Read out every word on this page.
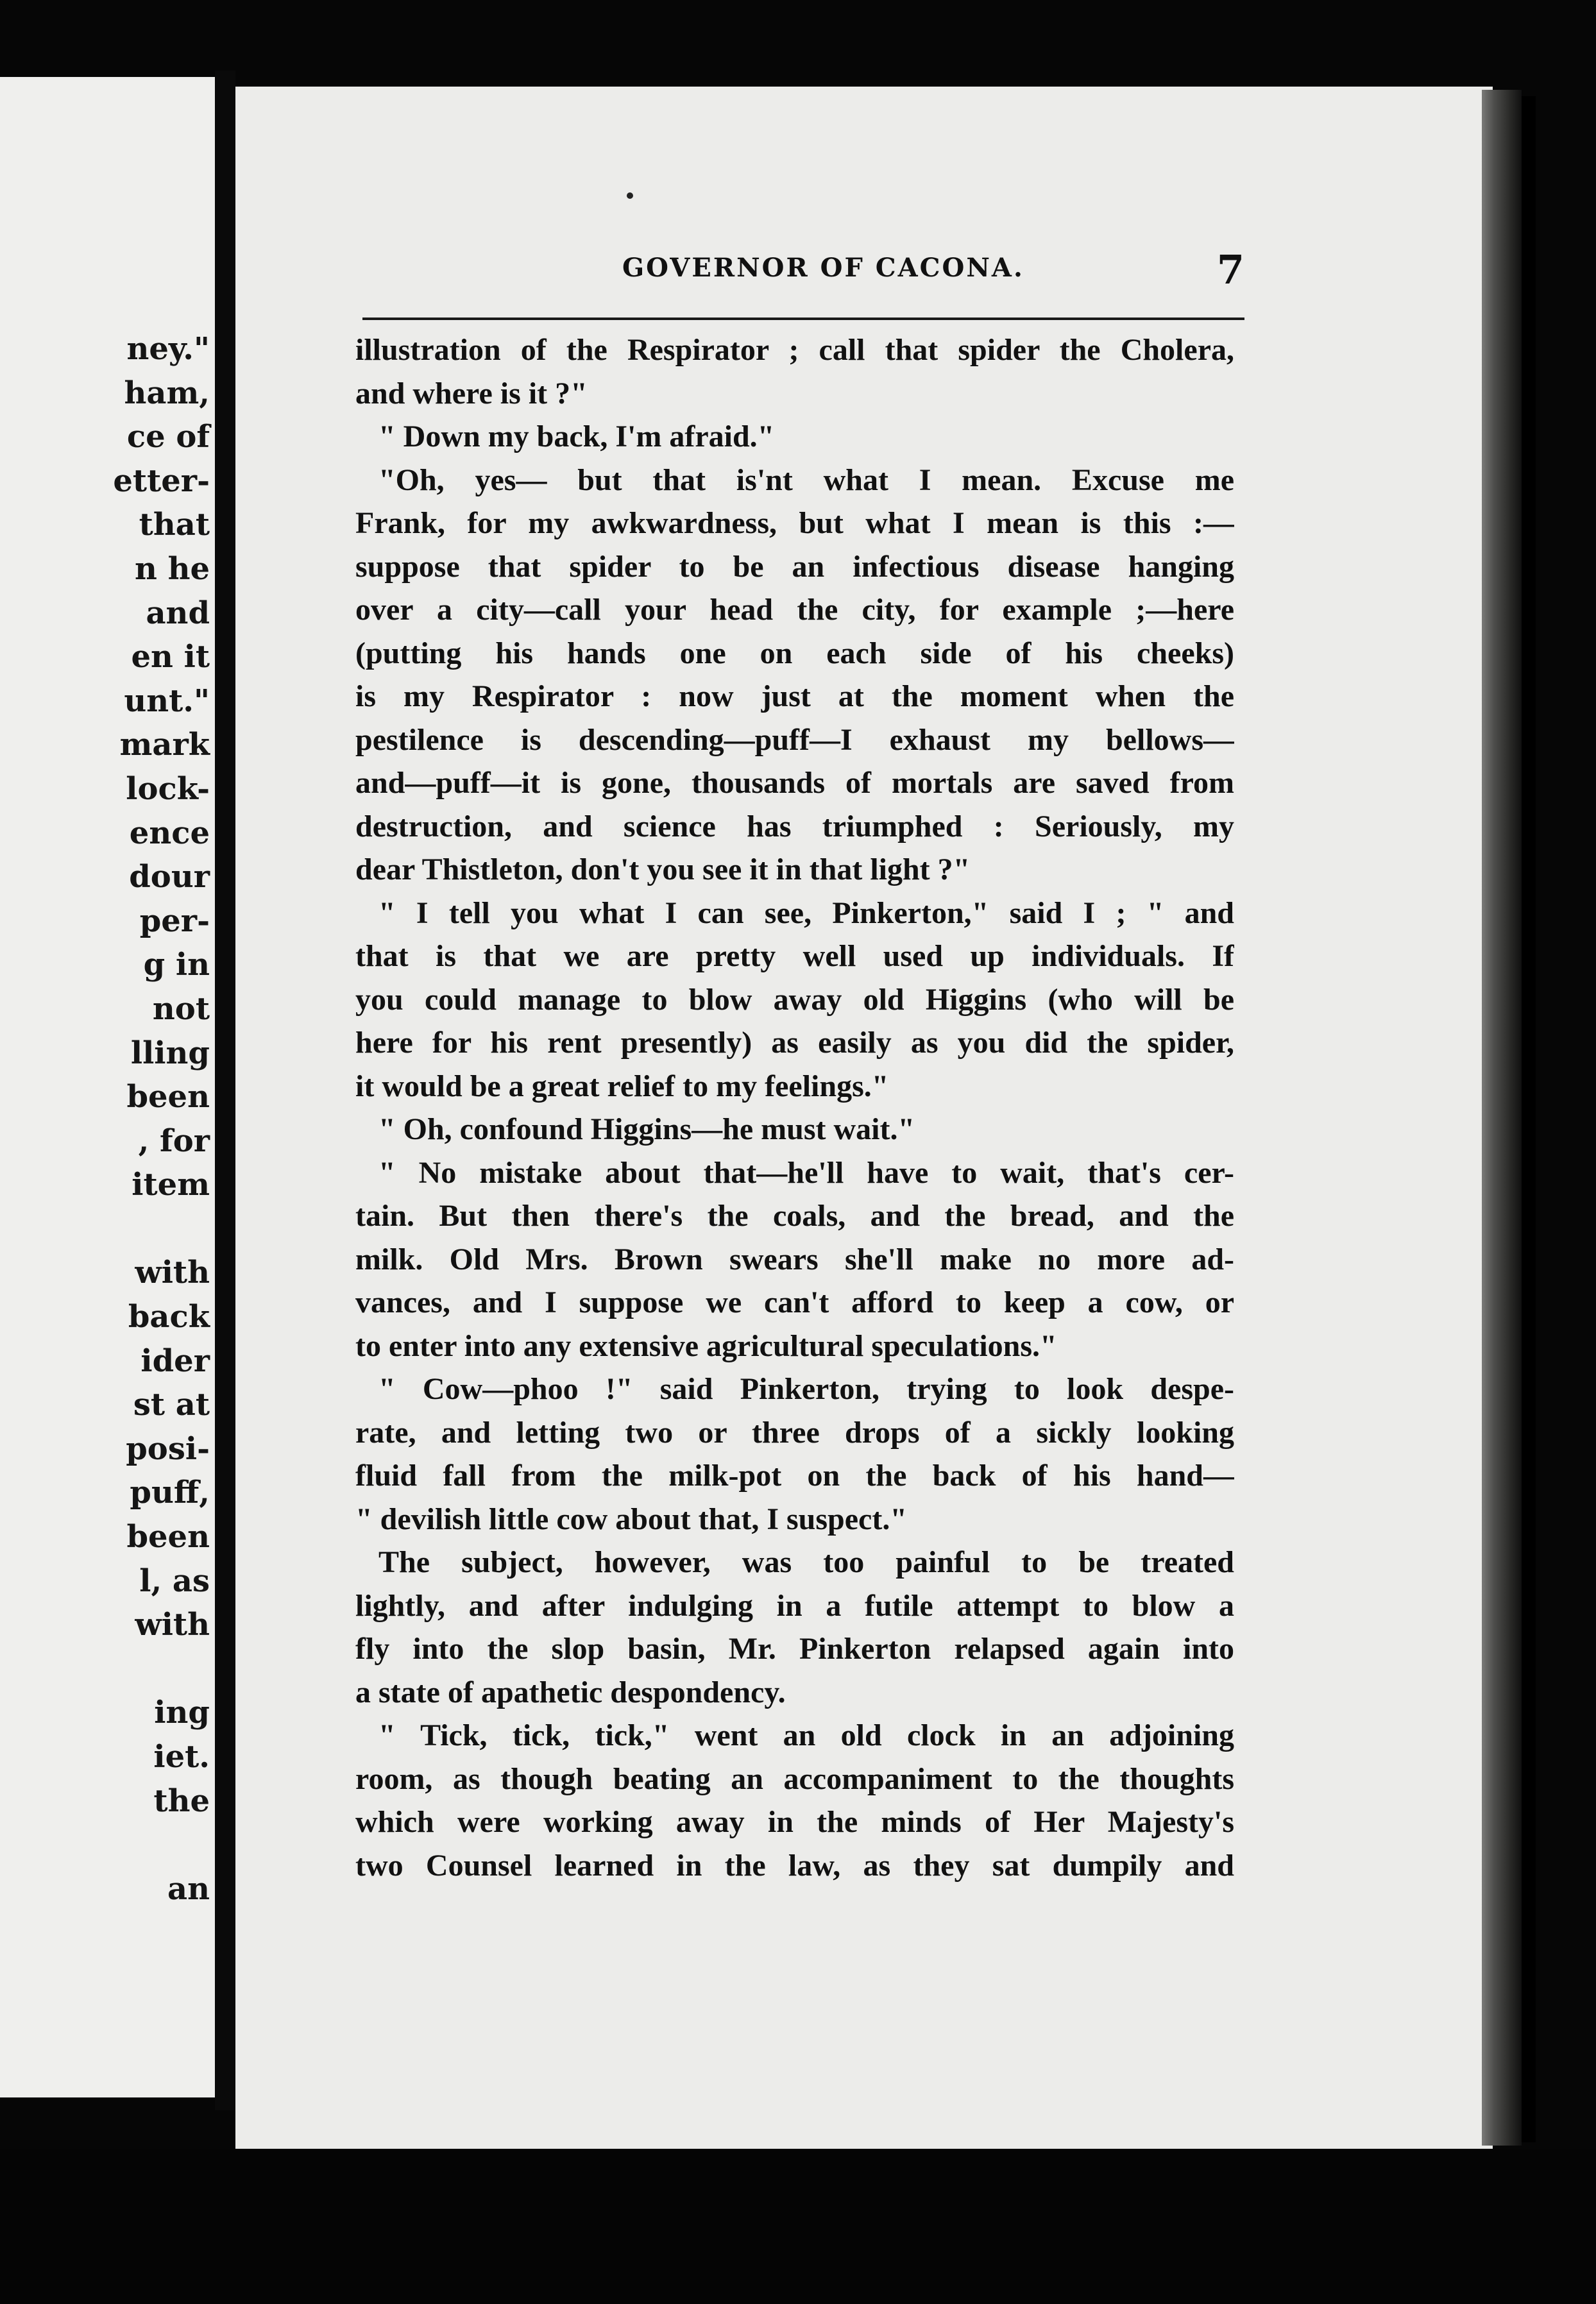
ney."
ham,
ce of
etter-
that
n he
and
en it
unt."
mark
lock-
ence
dour
per-
g in
not
lling
been
, for
item

with
back
ider
st at
posi-
puff,
been
l, as
with

ing
iet.
the

an
GOVERNOR OF CACONA.	7
illustration of the Respirator ; call that spider the Cholera,
and where is it ?"
" Down my back, I'm afraid."
"Oh, yes— but that is'nt what I mean. Excuse me
Frank, for my awkwardness, but what I mean is this :—
suppose that spider to be an infectious disease hanging
over a city—call your head the city, for example ;—here
(putting his hands one on each side of his cheeks)
is my Respirator : now just at the moment when the
pestilence is descending—puff—I exhaust my bellows—
and—puff—it is gone, thousands of mortals are saved from
destruction, and science has triumphed : Seriously, my
dear Thistleton, don't you see it in that light ?"
" I tell you what I can see, Pinkerton," said I ; " and
that is that we are pretty well used up individuals. If
you could manage to blow away old Higgins (who will be
here for his rent presently) as easily as you did the spider,
it would be a great relief to my feelings."
" Oh, confound Higgins—he must wait."
" No mistake about that—he'll have to wait, that's cer-
tain. But then there's the coals, and the bread, and the
milk. Old Mrs. Brown swears she'll make no more ad-
vances, and I suppose we can't afford to keep a cow, or
to enter into any extensive agricultural speculations."
" Cow—phoo !" said Pinkerton, trying to look despe-
rate, and letting two or three drops of a sickly looking
fluid fall from the milk-pot on the back of his hand—
" devilish little cow about that, I suspect."
The subject, however, was too painful to be treated
lightly, and after indulging in a futile attempt to blow a
fly into the slop basin, Mr. Pinkerton relapsed again into
a state of apathetic despondency.
" Tick, tick, tick," went an old clock in an adjoining
room, as though beating an accompaniment to the thoughts
which were working away in the minds of Her Majesty's
two Counsel learned in the law, as they sat dumpily and
